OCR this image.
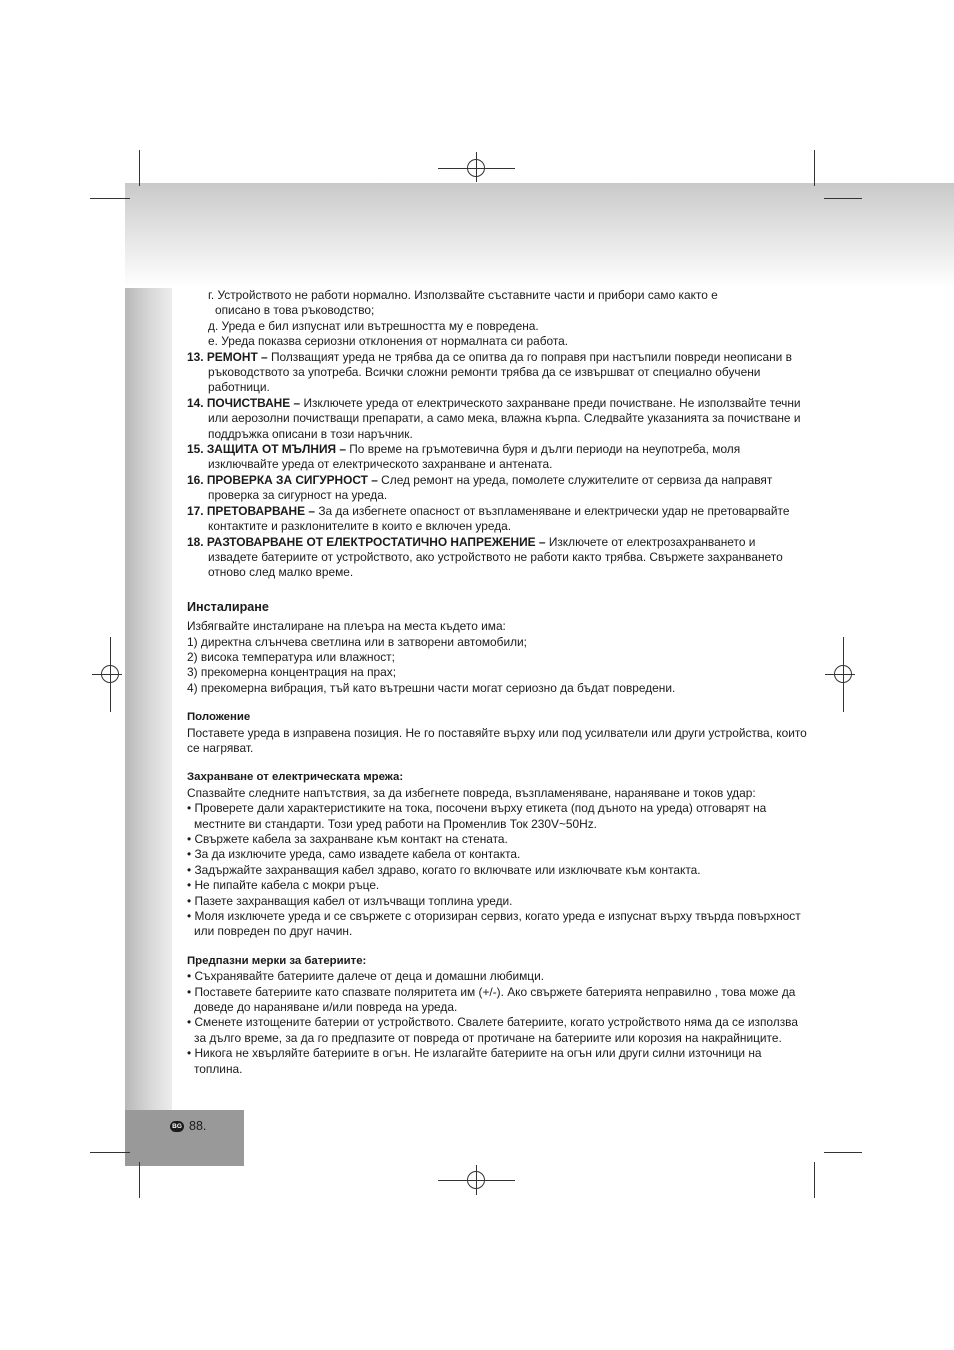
г. Устройството не работи нормално. Използвайте съставните части и прибори само както е
описано в това ръководство;

д. Уреда е бил изпуснат или вътрешността му е повредена.

е. Уреда показва сериозни отклонения от нормалната си работа.

13. РЕМОНТ – Ползващият уреда не трябва да се опитва да го поправя при настъпили повреди неописани в ръководството за употреба. Всички сложни ремонти трябва да се извършват от специално обучени работници.

14. ПОЧИСТВАНЕ – Изключете уреда от електрическото захранване преди почистване. Не използвайте течни или аерозолни почистващи препарати, а само мека, влажна кърпа. Следвайте указанията за почистване и поддръжка описани в този наръчник.

15. ЗАЩИТА ОТ МЪЛНИЯ – По време на гръмотевична буря и дълги периоди на неупотреба, моля изключвайте уреда от електрическото захранване и антената.

16. ПРОВЕРКА ЗА СИГУРНОСТ – След ремонт на уреда, помолете служителите от сервиза да направят проверка за сигурност на уреда.

17. ПРЕТОВАРВАНЕ – За да избегнете опасност от възпламеняване и електрически удар не претоварвайте контактите и разклонителите в които е включен уреда.

18. РАЗТОВАРВАНЕ ОТ ЕЛЕКТРОСТАТИЧНО НАПРЕЖЕНИЕ – Изключете от електрозахранването и извадете батериите от устройството, ако устройството не работи както трябва. Свържете захранването отново след малко време.

Инсталиране

Избягвайте инсталиране на плеъра на места където има:

1) директна слънчева светлина или в затворени автомобили;

2) висока температура или влажност;

3) прекомерна концентрация на прах;

4) прекомерна вибрация, тъй като вътрешни части могат сериозно да бъдат повредени.

Положение

Поставете уреда в изправена позиция. Не го поставяйте върху или под усилватели или други устройства, които се нагряват.

Захранване от електрическата мрежа:

Спазвайте следните напътствия, за да избегнете повреда, възпламеняване, нараняване и токов удар:

• Проверете дали характеристиките на тока, посочени върху етикета (под дъното на уреда) отговарят на местните ви стандарти. Този уред работи на Променлив Ток 230V~50Hz.

• Свържете кабела за захранване към контакт на стената.

• За да изключите уреда, само извадете кабела от контакта.

• Задържайте захранващия кабел здраво, когато го включвате или изключвате към контакта.

• Не пипайте кабела с мокри ръце.

• Пазете захранващия кабел от излъчващи топлина уреди.

• Моля изключете уреда и се свържете с оторизиран сервиз, когато уреда е изпуснат върху твърда повърхност или повреден по друг начин.

Предпазни мерки за батериите:

• Съхранявайте батериите далече от деца и домашни любимци.

• Поставете батериите като спазвате поляритета им (+/-). Ако свържете батерията неправилно , това може да доведе до нараняване и/или повреда на уреда.

• Сменете изтощените батерии от устройството. Свалете батериите, когато устройството няма да се използва за дълго време, за да го предпазите от повреда от протичане на батериите или корозия на накрайниците.

• Никога не хвърляйте батериите в огън. Не излагайте батериите на огън или други силни източници на топлина.

BG 88.
